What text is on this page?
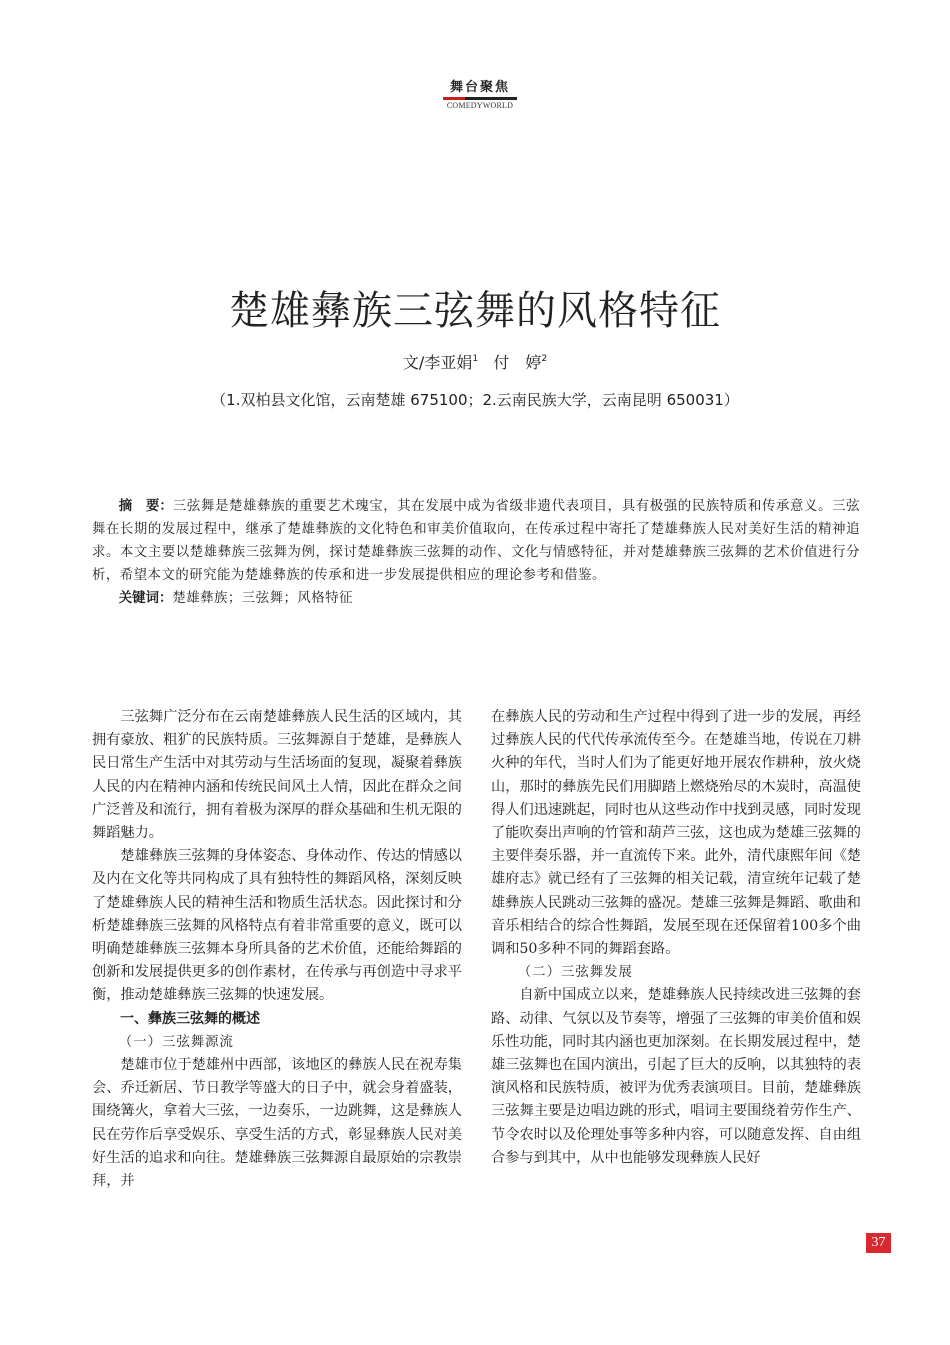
舞台聚焦
COMEDYWORLD
楚雄彝族三弦舞的风格特征
文/李亚娟$^1$ 付　婷$^2$
（1.双柏县文化馆，云南楚雄 675100；2.云南民族大学，云南昆明 650031）

摘　要：三弦舞是楚雄彝族的重要艺术瑰宝，其在发展中成为省级非遗代表项目，具有极强的民族特质和传承意义。三弦舞在长期的发展过程中，继承了楚雄彝族的文化特色和审美价值取向，在传承过程中寄托了楚雄彝族人民对美好生活的精神追求。本文主要以楚雄彝族三弦舞为例，探讨楚雄彝族三弦舞的动作、文化与情感特征，并对楚雄彝族三弦舞的艺术价值进行分析，希望本文的研究能为楚雄彝族的传承和进一步发展提供相应的理论参考和借鉴。

关键词：楚雄彝族；三弦舞；风格特征

三弦舞广泛分布在云南楚雄彝族人民生活的区域内，其拥有豪放、粗犷的民族特质。三弦舞源自于楚雄，是彝族人民日常生产生活中对其劳动与生活场面的复现，凝聚着彝族人民的内在精神内涵和传统民间风土人情，因此在群众之间广泛普及和流行，拥有着极为深厚的群众基础和生机无限的舞蹈魅力。

楚雄彝族三弦舞的身体姿态、身体动作、传达的情感以及内在文化等共同构成了具有独特性的舞蹈风格，深刻反映了楚雄彝族人民的精神生活和物质生活状态。因此探讨和分析楚雄彝族三弦舞的风格特点有着非常重要的意义，既可以明确楚雄彝族三弦舞本身所具备的艺术价值，还能给舞蹈的创新和发展提供更多的创作素材，在传承与再创造中寻求平衡，推动楚雄彝族三弦舞的快速发展。

一、彝族三弦舞的概述
（一）三弦舞源流

楚雄市位于楚雄州中西部，该地区的彝族人民在祝寿集会、乔迁新居、节日教学等盛大的日子中，就会身着盛装，围绕篝火，拿着大三弦，一边奏乐，一边跳舞，这是彝族人民在劳作后享受娱乐、享受生活的方式，彰显彝族人民对美好生活的追求和向往。楚雄彝族三弦舞源自最原始的宗教崇拜，并

在彝族人民的劳动和生产过程中得到了进一步的发展，再经过彝族人民的代代传承流传至今。在楚雄当地，传说在刀耕火种的年代，当时人们为了能更好地开展农作耕种，放火烧山，那时的彝族先民们用脚踏上燃烧殆尽的木炭时，高温使得人们迅速跳起，同时也从这些动作中找到灵感，同时发现了能吹奏出声响的竹管和葫芦三弦，这也成为楚雄三弦舞的主要伴奏乐器，并一直流传下来。此外，清代康熙年间《楚雄府志》就已经有了三弦舞的相关记载，清宣统年记载了楚雄彝族人民跳动三弦舞的盛况。楚雄三弦舞是舞蹈、歌曲和音乐相结合的综合性舞蹈，发展至现在还保留着100多个曲调和50多种不同的舞蹈套路。

（二）三弦舞发展

自新中国成立以来，楚雄彝族人民持续改进三弦舞的套路、动律、气氛以及节奏等，增强了三弦舞的审美价值和娱乐性功能，同时其内涵也更加深刻。在长期发展过程中，楚雄三弦舞也在国内演出，引起了巨大的反响，以其独特的表演风格和民族特质，被评为优秀表演项目。目前，楚雄彝族三弦舞主要是边唱边跳的形式，唱词主要围绕着劳作生产、节令农时以及伦理处事等多种内容，可以随意发挥、自由组合参与到其中，从中也能够发现彝族人民好

37
